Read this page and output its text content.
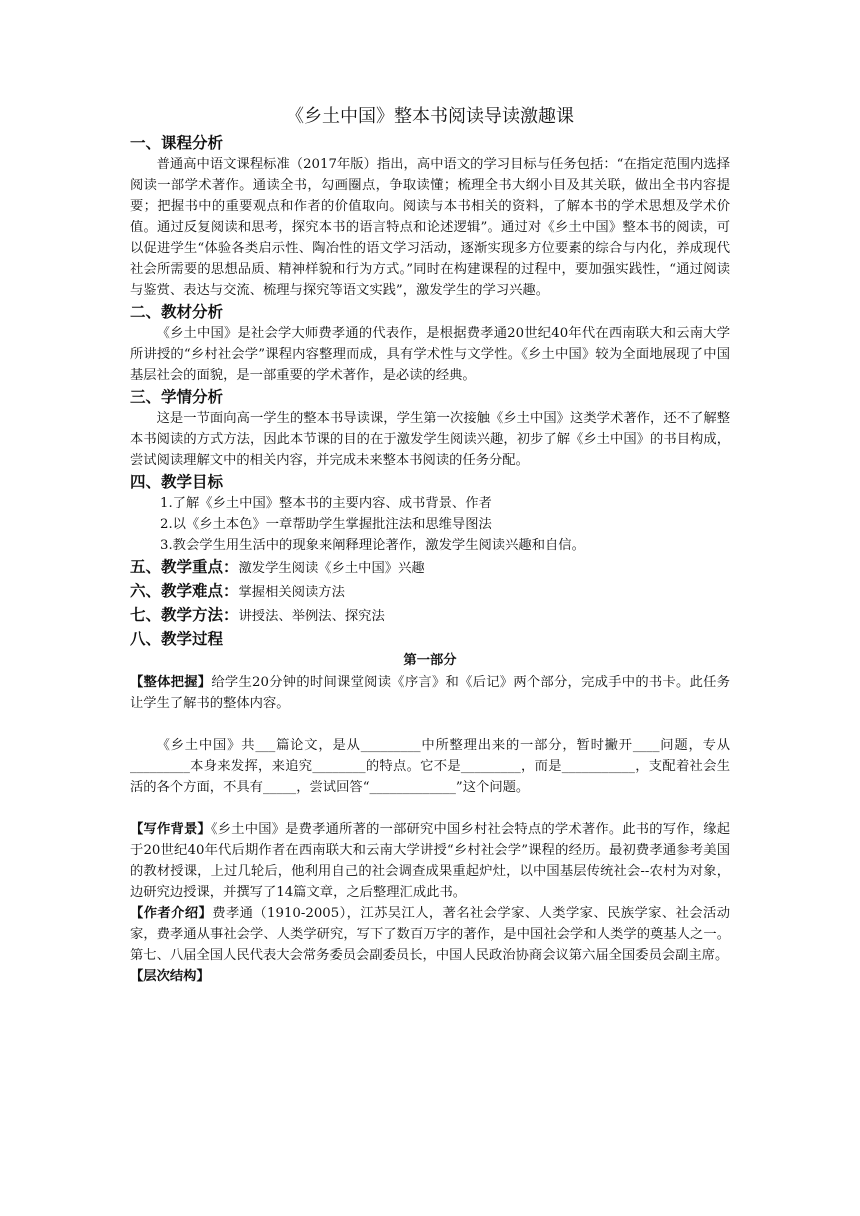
《乡土中国》整本书阅读导读激趣课
一、课程分析

普通高中语文课程标准（2017年版）指出，高中语文的学习目标与任务包括：“在指定范围内选择阅读一部学术著作。通读全书，勾画圈点，争取读懂；梳理全书大纲小目及其关联，做出全书内容提要；把握书中的重要观点和作者的价值取向。阅读与本书相关的资料，了解本书的学术思想及学术价值。通过反复阅读和思考，探究本书的语言特点和论述逻辑”。通过对《乡土中国》整本书的阅读，可以促进学生“体验各类启示性、陶冶性的语文学习活动，逐渐实现多方位要素的综合与内化，养成现代社会所需要的思想品质、精神样貌和行为方式。”同时在构建课程的过程中，要加强实践性，“通过阅读与鉴赏、表达与交流、梳理与探究等语文实践”，激发学生的学习兴趣。

二、教材分析

《乡土中国》是社会学大师费孝通的代表作，是根据费孝通20世纪40年代在西南联大和云南大学所讲授的“乡村社会学”课程内容整理而成，具有学术性与文学性。《乡土中国》较为全面地展现了中国基层社会的面貌，是一部重要的学术著作，是必读的经典。

三、学情分析

这是一节面向高一学生的整本书导读课，学生第一次接触《乡土中国》这类学术著作，还不了解整本书阅读的方式方法，因此本节课的目的在于激发学生阅读兴趣，初步了解《乡土中国》的书目构成，尝试阅读理解文中的相关内容，并完成未来整本书阅读的任务分配。

四、教学目标
1.了解《乡土中国》整本书的主要内容、成书背景、作者
2.以《乡土本色》一章帮助学生掌握批注法和思维导图法
3.教会学生用生活中的现象来阐释理论著作，激发学生阅读兴趣和自信。
五、教学重点： 激发学生阅读《乡土中国》兴趣
六、教学难点： 掌握相关阅读方法
七、教学方法： 讲授法、举例法、探究法
八、教学过程
第一部分

【整体把握】给学生20分钟的时间课堂阅读《序言》和《后记》两个部分，完成手中的书卡。此任务让学生了解书的整体内容。

《乡土中国》共___篇论文，是从_________中所整理出来的一部分，暂时撇开____问题，专从_________本身来发挥，来追究________的特点。它不是_________，而是___________，支配着社会生活的各个方面，不具有_____，尝试回答“_____________”这个问题。

【写作背景】《乡土中国》是费孝通所著的一部研究中国乡村社会特点的学术著作。此书的写作，缘起于20世纪40年代后期作者在西南联大和云南大学讲授“乡村社会学”课程的经历。最初费孝通参考美国的教材授课，上过几轮后，他利用自己的社会调查成果重起炉灶，以中国基层传统社会--农村为对象，边研究边授课，并撰写了14篇文章，之后整理汇成此书。

【作者介绍】费孝通（1910-2005），江苏吴江人，著名社会学家、人类学家、民族学家、社会活动家，费孝通从事社会学、人类学研究，写下了数百万字的著作，是中国社会学和人类学的奠基人之一。第七、八届全国人民代表大会常务委员会副委员长，中国人民政治协商会议第六届全国委员会副主席。

【层次结构】
